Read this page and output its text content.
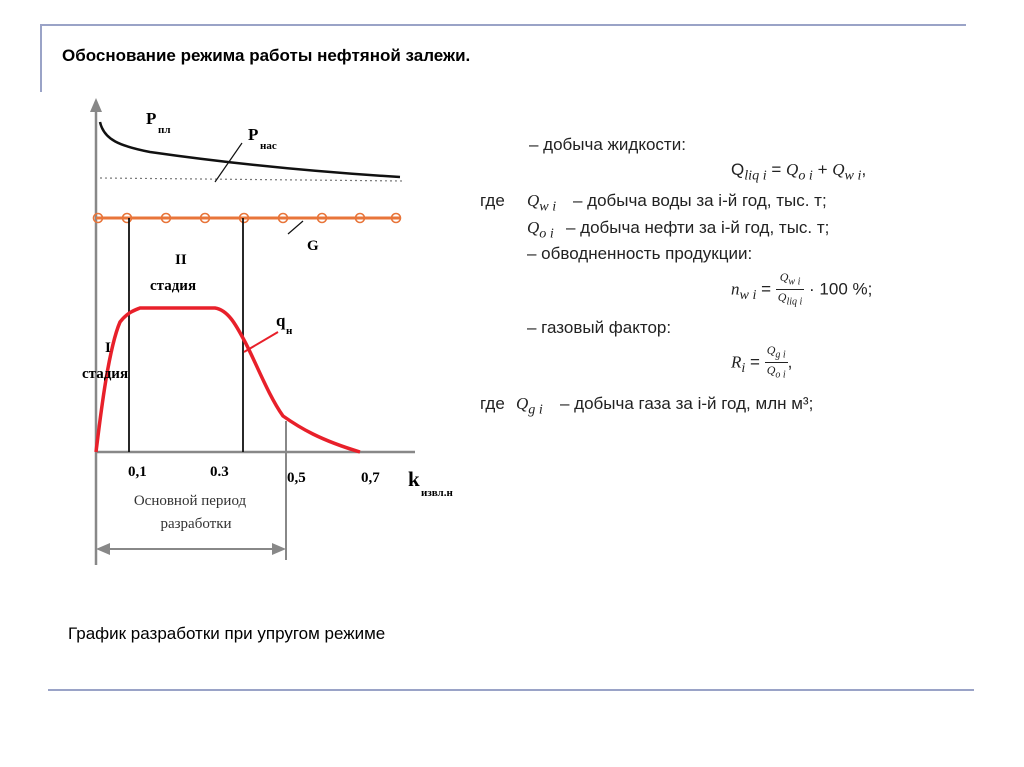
Обоснование режима работы нефтяной залежи.
P
пл	P
нас
G
q
н
II
стадия
I
стадия
0,1	0.3	0,5	0,7 k
извл.н
Основной период
разработки
– добыча жидкости:
$Q_{liq i} = Q_{o i} + Q_{w i}$,
где $Q_{w i}$ – добыча воды за i-й год, тыс. т;
$Q_{o i}$ – добыча нефти за i-й год, тыс. т;
– обводненность продукции:
$n_{w i} = \frac{Q_{w i}}{Q_{liq i}} \cdot 100$ %;
– газовый фактор:
$R_i = \frac{Q_{g i}}{Q_{o i}}$ ,
где $Q_{g i}$ – добыча газа за i-й год, млн м³;
График разработки при упругом режиме
